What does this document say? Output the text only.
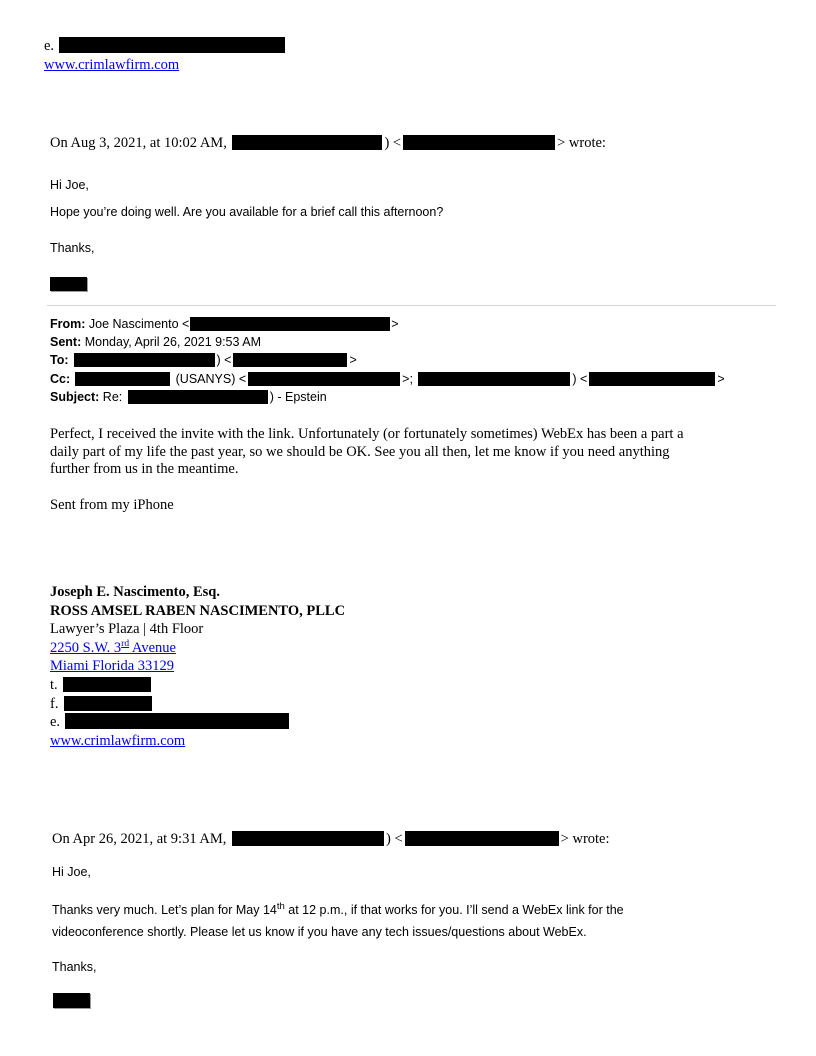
e.
www.crimlawfirm.com
On Aug 3, 2021, at 10:02 AM,	) <	> wrote:
Hi Joe,
Hope you’re doing well. Are you available for a brief call this afternoon?
Thanks,
From: Joe Nascimento <	>
Sent: Monday, April 26, 2021 9:53 AM
To:	) <	>
Cc:	(USANYS) <	>;	) <	>
Subject: Re:	) - Epstein
Perfect, I received the invite with the link. Unfortunately (or fortunately sometimes) WebEx has been a part a
daily part of my life the past year, so we should be OK. See you all then, let me know if you need anything
further from us in the meantime.
Sent from my iPhone
Joseph E. Nascimento, Esq.
ROSS AMSEL RABEN NASCIMENTO, PLLC
Lawyer’s Plaza | 4th Floor
2250 S.W. 3rd Avenue
Miami Florida 33129
t.
f.
e.
www.crimlawfirm.com
On Apr 26, 2021, at 9:31 AM,	) <	> wrote:
Hi Joe,
Thanks very much. Let’s plan for May 14th at 12 p.m., if that works for you. I’ll send a WebEx link for the
videoconference shortly. Please let us know if you have any tech issues/questions about WebEx.
Thanks,
